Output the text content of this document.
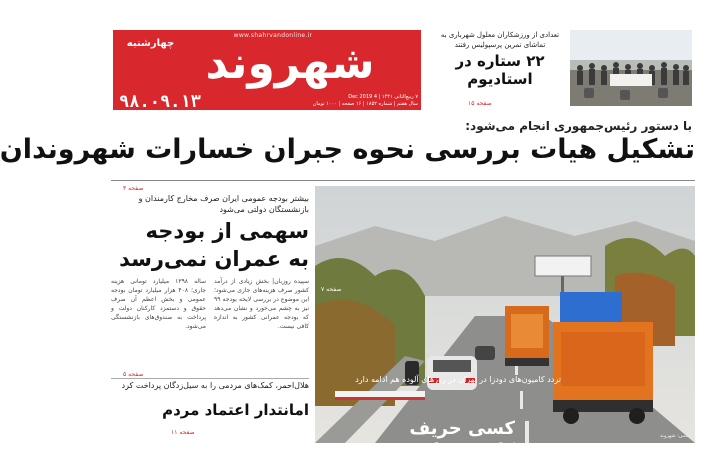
www.shahrvandonline.ir
شهروند
چهارشنبه
۹۸.۰۹.۱۳	۷ ربیع‌الثانی ۱۴۴۱ | 4 Dec 2019
سال هفتم | شماره ۱۸۵۲ | ۱۶ صفحه | ۱۰۰۰ تومان
تعدادی از ورزشکاران معلول شهرباری به تماشای تمرین پرسپولیس رفتند
۲۲ ستاره در استادیوم
صفحه ۱۵
با دستور رئیس‌جمهوری انجام می‌شود:
تشکیل هیات بررسی نحوه جبران خسارات شهروندان
صفحه ۴
بیشتر بودجه عمومی ایران صرف مخارج کارمندان و بازنشستگان دولتی می‌شود
سهمی از بودجه
به عمران نمی‌رسد
سپیده روزبان| بخش زیادی از درآمد کشور صرف هزینه‌های جاری می‌شود؛ این موضوع در بررسی لایحه بودجه ۹۹ نیز به چشم می‌خورد و نشان می‌دهد که بودجه عمرانی کشور به اندازه کافی نیست.
ساله ۱۳۹۸ میلیارد تومانی هزینه جاری؛ ۴۰۸ هزار میلیارد تومان بودجه عمومی و بخش اعظم آن صرف حقوق و دستمزد کارکنان دولت و پرداخت به صندوق‌های بازنشستگی می‌شود.
صفحه ۵
هلال‌احمر، کمک‌های مردمی را به سیل‌زدگان پرداخت کرد
امانتدار اعتماد مردم
صفحه ۱۱
تردد کامیون‌های دودزا در تهران در روزهای آلوده هم ادامه دارد
کسی حریف
کامیون‌ها نمی‌شود
صفحه ۷
عکس: شهروند
